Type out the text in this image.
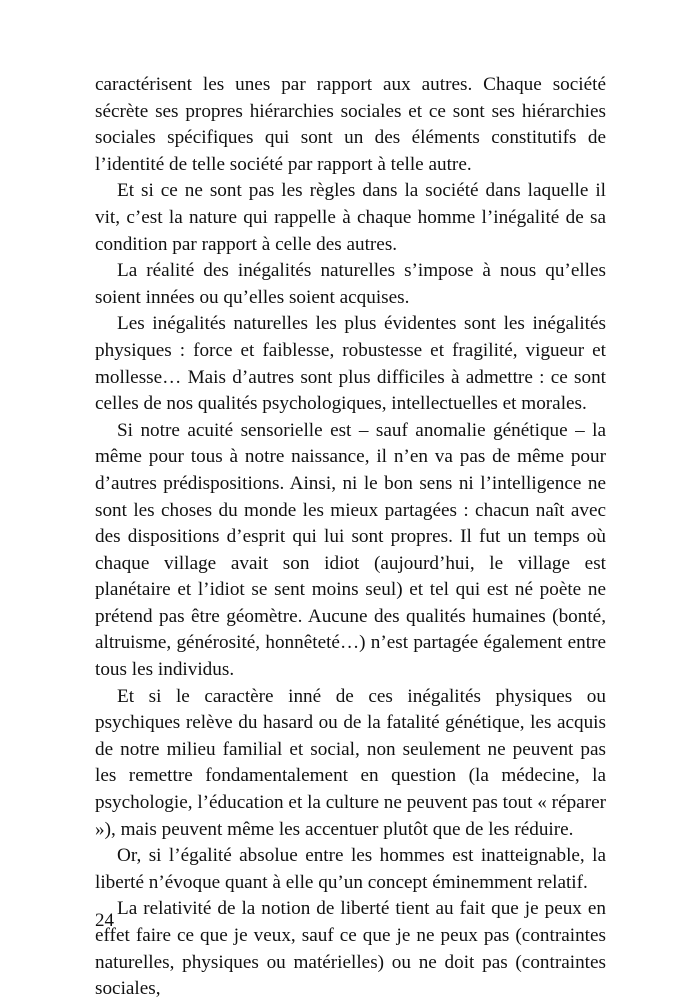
caractérisent les unes par rapport aux autres. Chaque société sécrète ses propres hiérarchies sociales et ce sont ses hiérarchies sociales spécifiques qui sont un des éléments constitutifs de l’identité de telle société par rapport à telle autre.

Et si ce ne sont pas les règles dans la société dans laquelle il vit, c’est la nature qui rappelle à chaque homme l’inégalité de sa condition par rapport à celle des autres.

La réalité des inégalités naturelles s’impose à nous qu’elles soient innées ou qu’elles soient acquises.

Les inégalités naturelles les plus évidentes sont les inégalités physiques : force et faiblesse, robustesse et fragilité, vigueur et mollesse… Mais d’autres sont plus difficiles à admettre : ce sont celles de nos qualités psychologiques, intellectuelles et morales.

Si notre acuité sensorielle est – sauf anomalie génétique – la même pour tous à notre naissance, il n’en va pas de même pour d’autres prédispositions. Ainsi, ni le bon sens ni l’intelligence ne sont les choses du monde les mieux partagées : chacun naît avec des dispositions d’esprit qui lui sont propres. Il fut un temps où chaque village avait son idiot (aujourd’hui, le village est planétaire et l’idiot se sent moins seul) et tel qui est né poète ne prétend pas être géomètre. Aucune des qualités humaines (bonté, altruisme, générosité, honnêteté…) n’est partagée également entre tous les individus.

Et si le caractère inné de ces inégalités physiques ou psychiques relève du hasard ou de la fatalité génétique, les acquis de notre milieu familial et social, non seulement ne peuvent pas les remettre fondamentalement en question (la médecine, la psychologie, l’éducation et la culture ne peuvent pas tout « réparer »), mais peuvent même les accentuer plutôt que de les réduire.

Or, si l’égalité absolue entre les hommes est inatteignable, la liberté n’évoque quant à elle qu’un concept éminemment relatif.

La relativité de la notion de liberté tient au fait que je peux en effet faire ce que je veux, sauf ce que je ne peux pas (contraintes naturelles, physiques ou matérielles) ou ne doit pas (contraintes sociales,

24
